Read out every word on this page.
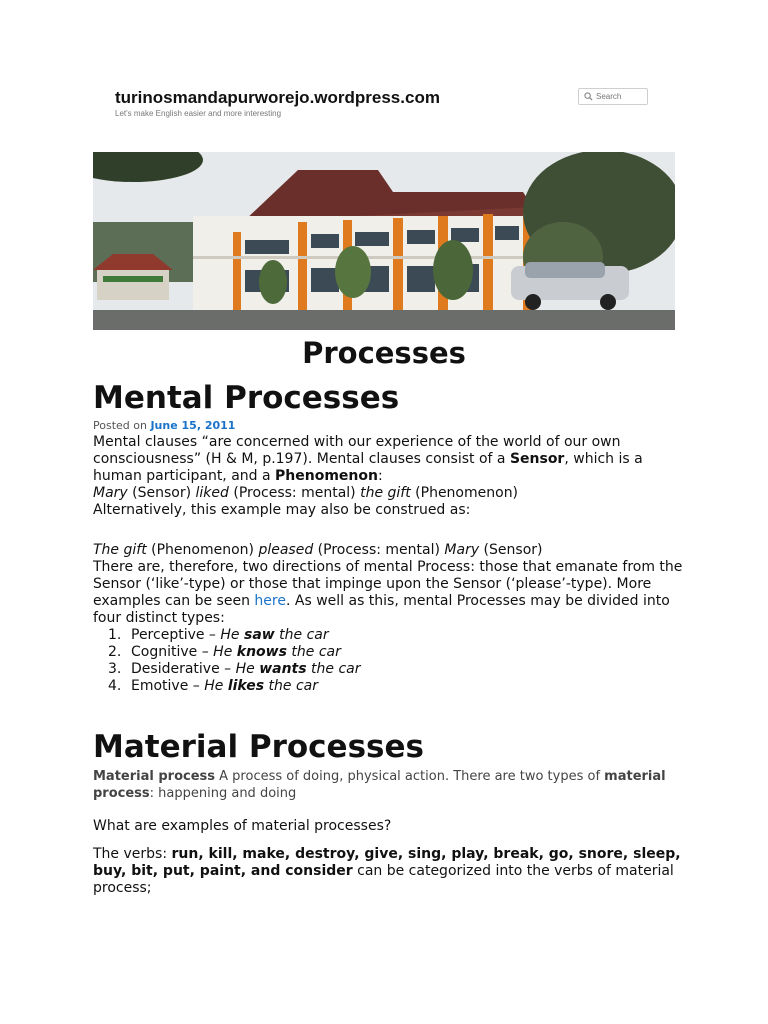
turinosmandapurworejo.wordpress.com
Let's make English easier and more interesting
Search
Processes
Mental Processes
Posted on June 15, 2011

Mental clauses “are concerned with our experience of the world of our own consciousness” (H & M, p.197). Mental clauses consist of a Sensor, which is a human participant, and a Phenomenon:

Mary (Sensor) liked (Process: mental) the gift (Phenomenon)

Alternatively, this example may also be construed as:

The gift (Phenomenon) pleased (Process: mental) Mary (Sensor)

There are, therefore, two directions of mental Process: those that emanate from the Sensor (‘like’-type) or those that impinge upon the Sensor (‘please’-type). More examples can be seen here. As well as this, mental Processes may be divided into four distinct types:

1. Perceptive – He saw the car
2. Cognitive – He knows the car
3. Desiderative – He wants the car
4. Emotive – He likes the car
Material Processes

Material process A process of doing, physical action. There are two types of material process: happening and doing

What are examples of material processes?

The verbs: run, kill, make, destroy, give, sing, play, break, go, snore, sleep, buy, bit, put, paint, and consider can be categorized into the verbs of material process;
